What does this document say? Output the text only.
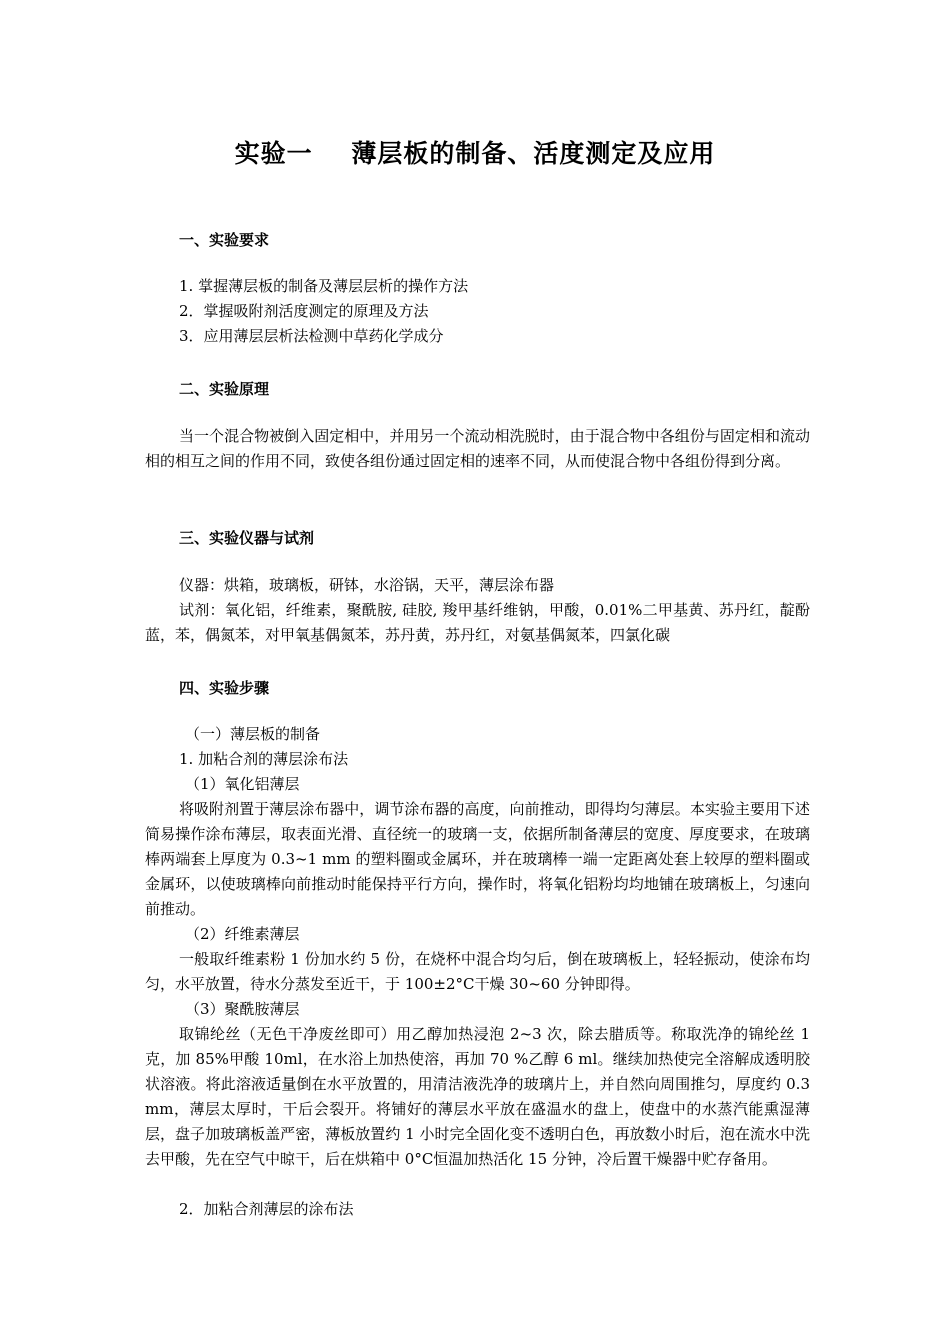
实验一    薄层板的制备、活度测定及应用
一、实验要求
1. 掌握薄层板的制备及薄层层析的操作方法
2．掌握吸附剂活度测定的原理及方法
3．应用薄层层析法检测中草药化学成分
二、实验原理
当一个混合物被倒入固定相中，并用另一个流动相洗脱时，由于混合物中各组份与固定相和流动相的相互之间的作用不同，致使各组份通过固定相的速率不同，从而使混合物中各组份得到分离。
三、实验仪器与试剂
仪器：烘箱，玻璃板，研钵，水浴锅，天平，薄层涂布器
试剂：氧化铝，纤维素，聚酰胺, 硅胶, 羧甲基纤维钠，甲酸，0.01%二甲基黄、苏丹红，靛酚蓝，苯，偶氮苯，对甲氧基偶氮苯，苏丹黄，苏丹红，对氨基偶氮苯，四氯化碳
四、实验步骤
（一）薄层板的制备
1. 加粘合剂的薄层涂布法
（1）氧化铝薄层
将吸附剂置于薄层涂布器中，调节涂布器的高度，向前推动，即得均匀薄层。本实验主要用下述简易操作涂布薄层，取表面光滑、直径统一的玻璃一支，依据所制备薄层的宽度、厚度要求，在玻璃棒两端套上厚度为 0.3~1 mm 的塑料圈或金属环，并在玻璃棒一端一定距离处套上较厚的塑料圈或金属环，以使玻璃棒向前推动时能保持平行方向，操作时，将氧化铝粉均均地铺在玻璃板上，匀速向前推动。
（2）纤维素薄层
一般取纤维素粉 1 份加水约 5 份，在烧杯中混合均匀后，倒在玻璃板上，轻轻振动，使涂布均匀，水平放置，待水分蒸发至近干，于 100±2°C干燥 30~60 分钟即得。
（3）聚酰胺薄层
取锦纶丝（无色干净废丝即可）用乙醇加热浸泡 2~3 次，除去腊质等。称取洗净的锦纶丝 1 克，加 85%甲酸 10ml，在水浴上加热使溶，再加 70 %乙醇 6 ml。继续加热使完全溶解成透明胶状溶液。将此溶液适量倒在水平放置的，用清洁液洗净的玻璃片上，并自然向周围推匀，厚度约 0.3 mm，薄层太厚时，干后会裂开。将铺好的薄层水平放在盛温水的盘上，使盘中的水蒸汽能熏湿薄层，盘子加玻璃板盖严密，薄板放置约 1 小时完全固化变不透明白色，再放数小时后，泡在流水中洗去甲酸，先在空气中晾干，后在烘箱中 0°C恒温加热活化 15 分钟，冷后置干燥器中贮存备用。
2．加粘合剂薄层的涂布法
